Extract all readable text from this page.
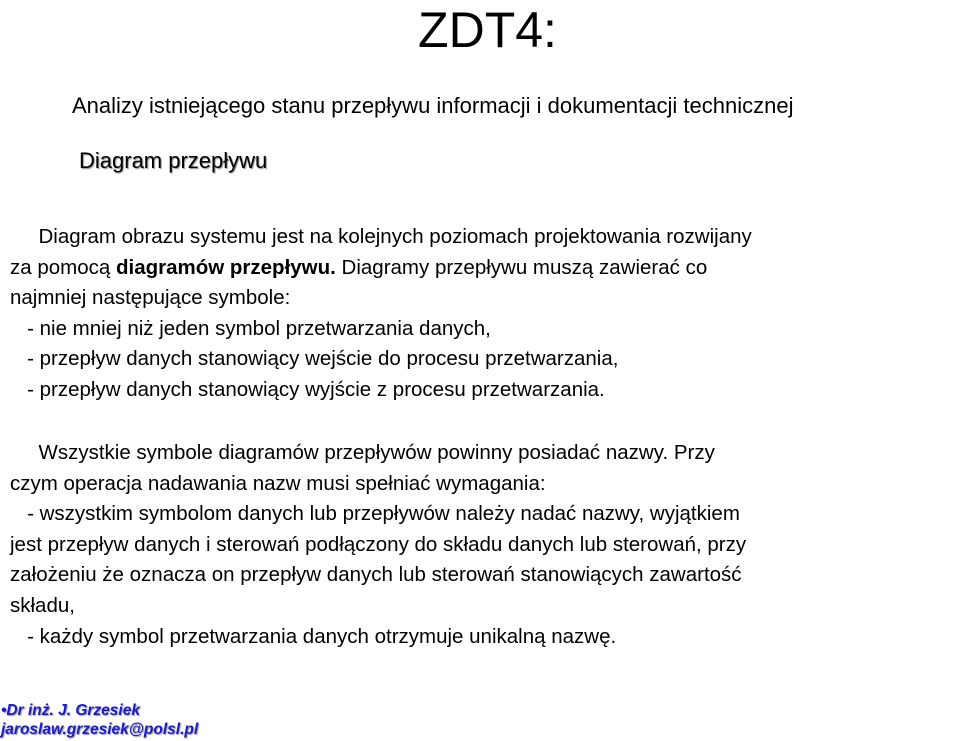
ZDT4:
Analizy istniejącego stanu przepływu informacji i dokumentacji technicznej
Diagram przepływu
Diagram obrazu systemu jest na kolejnych poziomach projektowania rozwijany
za pomocą diagramów przepływu. Diagramy przepływu muszą zawierać co
najmniej następujące symbole:
- nie mniej niż jeden symbol przetwarzania danych,
- przepływ danych stanowiący wejście do procesu przetwarzania,
- przepływ danych stanowiący wyjście z procesu przetwarzania.
Wszystkie symbole diagramów przepływów powinny posiadać nazwy. Przy
czym operacja nadawania nazw musi spełniać wymagania:
- wszystkim symbolom danych lub przepływów należy nadać nazwy, wyjątkiem
jest przepływ danych i sterowań podłączony do składu danych lub sterowań, przy
założeniu że oznacza on przepływ danych lub sterowań stanowiących zawartość
składu,
- każdy symbol przetwarzania danych otrzymuje unikalną nazwę.
•Dr inż. J. Grzesiek
jaroslaw.grzesiek@polsl.pl
